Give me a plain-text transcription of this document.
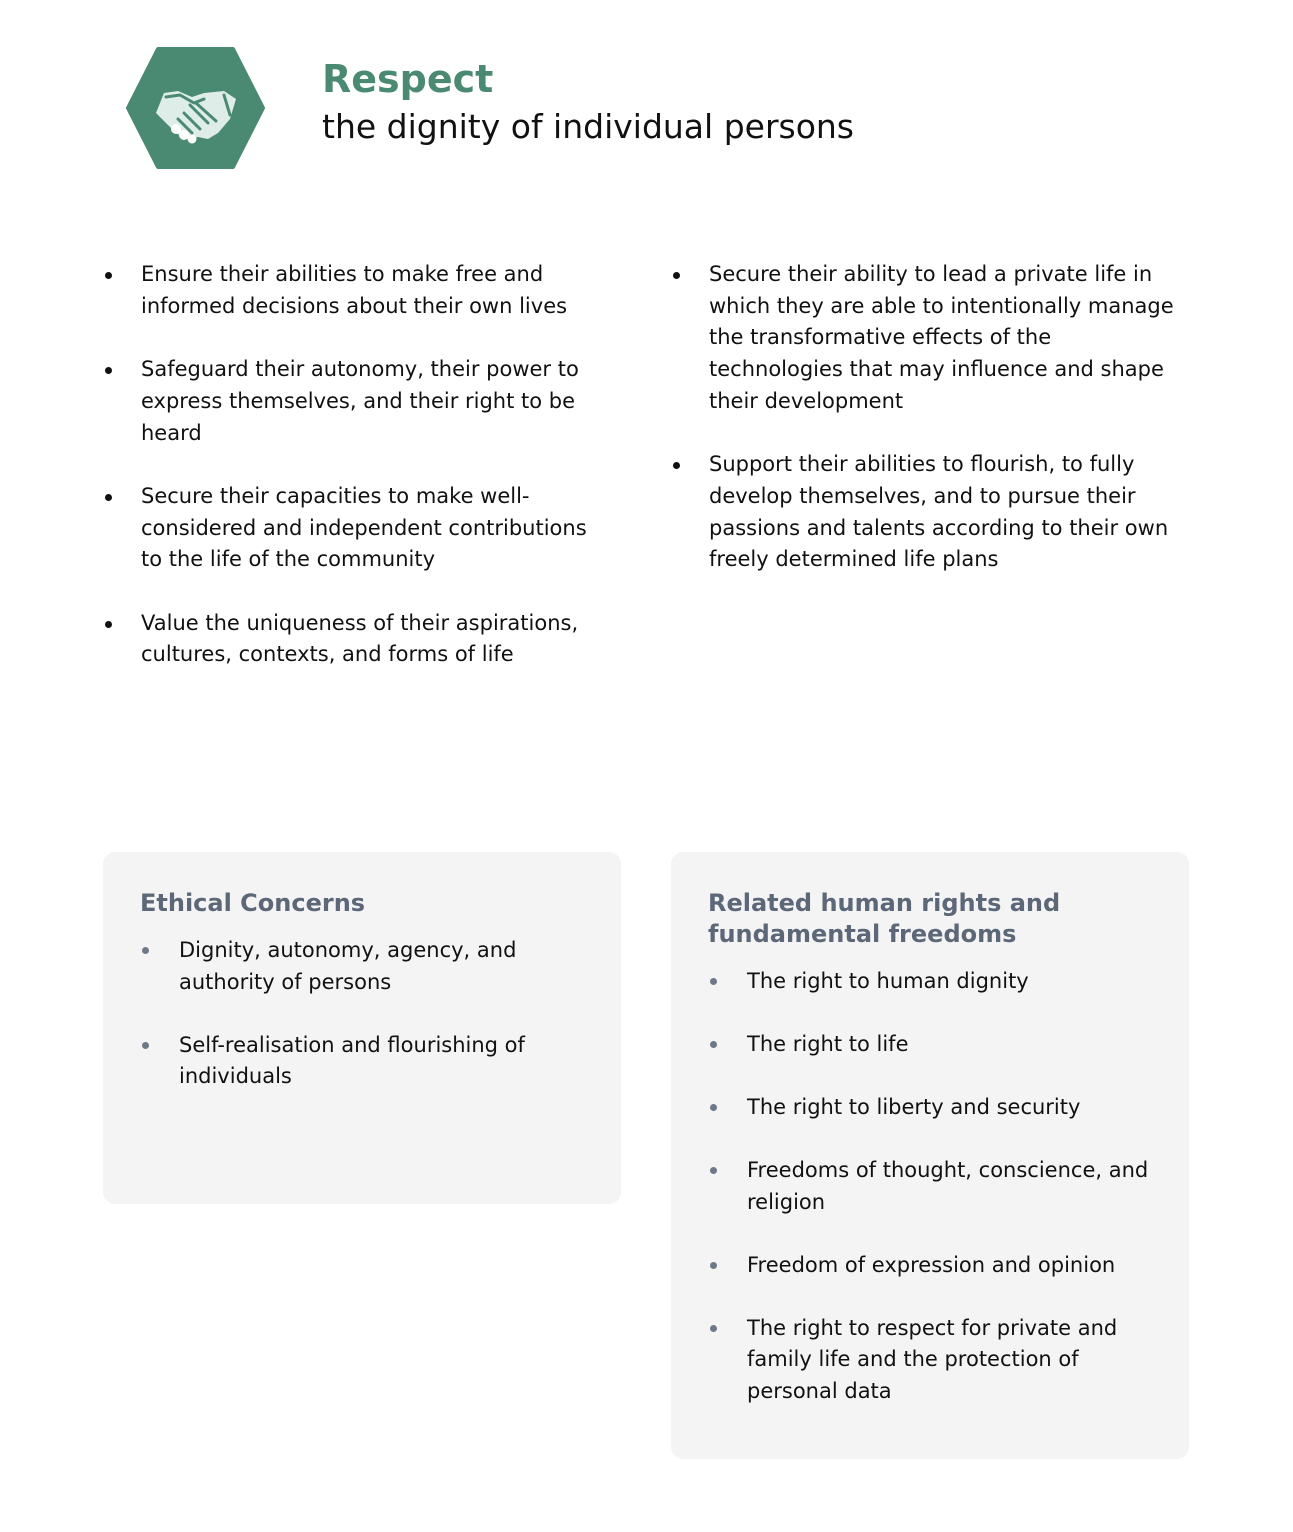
Respect

the dignity of individual persons

Ensure their abilities to make free and informed decisions about their own lives
Safeguard their autonomy, their power to express themselves, and their right to be heard
Secure their capacities to make well-considered and independent contributions to the life of the community
Value the uniqueness of their aspirations, cultures, contexts, and forms of life
Secure their ability to lead a private life in which they are able to intentionally manage the transformative effects of the technologies that may influence and shape their development
Support their abilities to flourish, to fully develop themselves, and to pursue their passions and talents according to their own freely determined life plans
Ethical Concerns
Dignity, autonomy, agency, and authority of persons
Self-realisation and flourishing of individuals
Related human rights and fundamental freedoms
The right to human dignity
The right to life
The right to liberty and security
Freedoms of thought, conscience, and religion
Freedom of expression and opinion
The right to respect for private and family life and the protection of personal data
